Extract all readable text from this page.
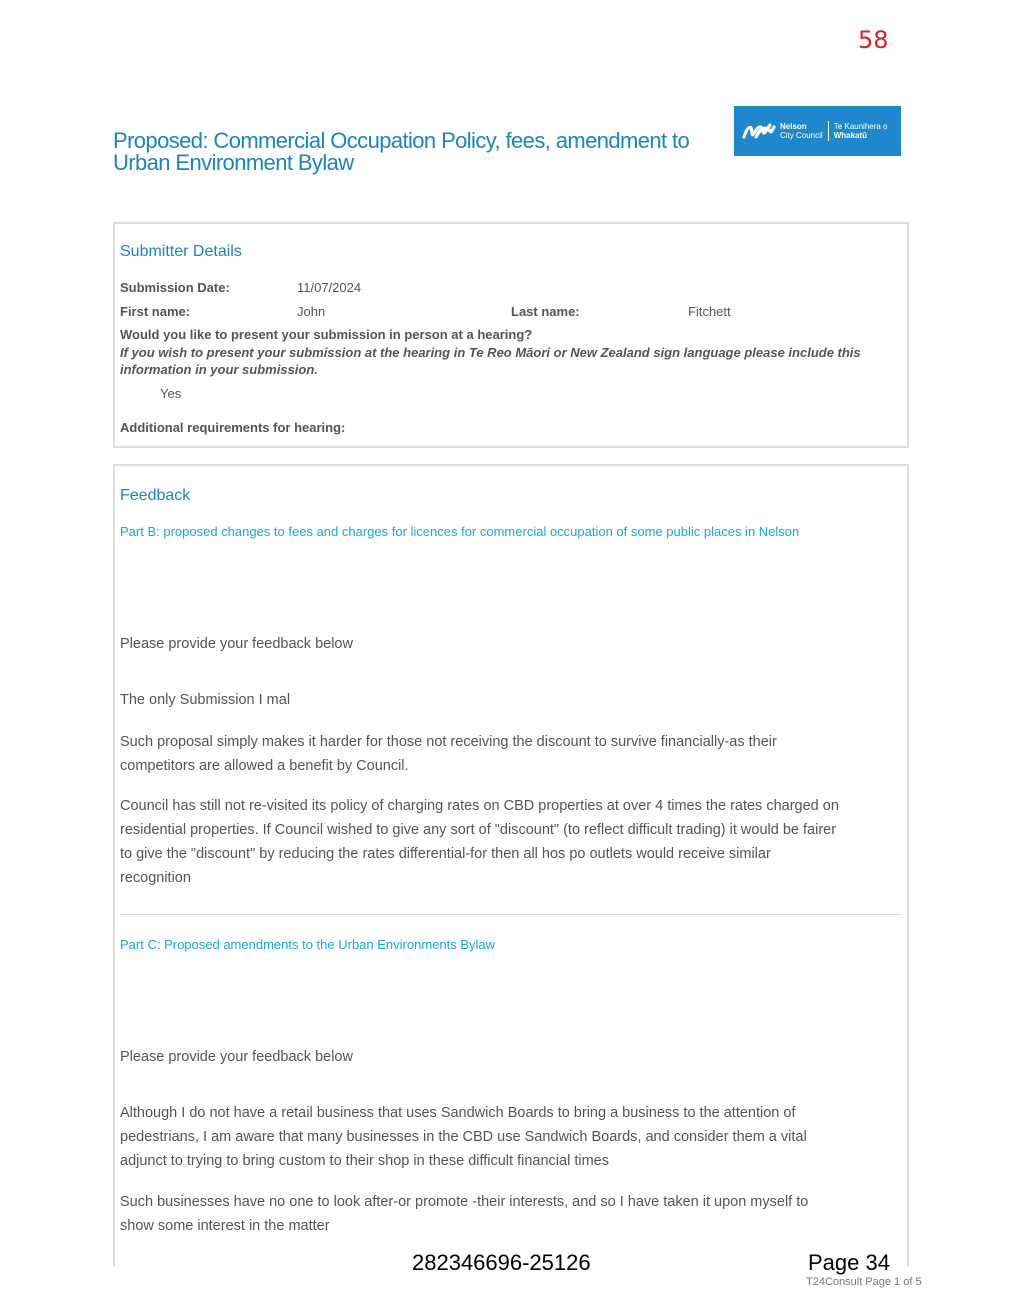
58
Proposed: Commercial Occupation Policy, fees, amendment to Urban Environment Bylaw
Nelson
City Council
Te Kaunihera o
Whakatū
Submitter Details
Submission Date:	11/07/2024
First name:	John	Last name:	Fitchett
Would you like to present your submission in person at a hearing?
If you wish to present your submission at the hearing in Te Reo Māori or New Zealand sign language please include this information in your submission.
Yes
Additional requirements for hearing:
Feedback
Part B: proposed changes to fees and charges for licences for commercial occupation of some public places in Nelson
Please provide your feedback below
The only Submission I mal
Such proposal simply makes it harder for those not receiving the discount to survive financially-as their competitors are allowed a benefit by Council.
Council has still not re-visited its policy of charging rates on CBD properties at over 4 times the rates charged on residential properties. If Council wished to give any sort of "discount" (to reflect difficult trading) it would be fairer to give the "discount" by reducing the rates differential-for then all hos po outlets would receive similar recognition
Part C: Proposed amendments to the Urban Environments Bylaw
Please provide your feedback below
Although I do not have a retail business that uses Sandwich Boards to bring a business to the attention of pedestrians, I am aware that many businesses in the CBD use Sandwich Boards, and consider them a vital adjunct to trying to bring custom to their shop in these difficult financial times
Such businesses have no one to look after-or promote -their interests, and so I have taken it upon myself to show some interest in the matter
282346696-25126	Page 34
T24Consult Page 1 of 5
